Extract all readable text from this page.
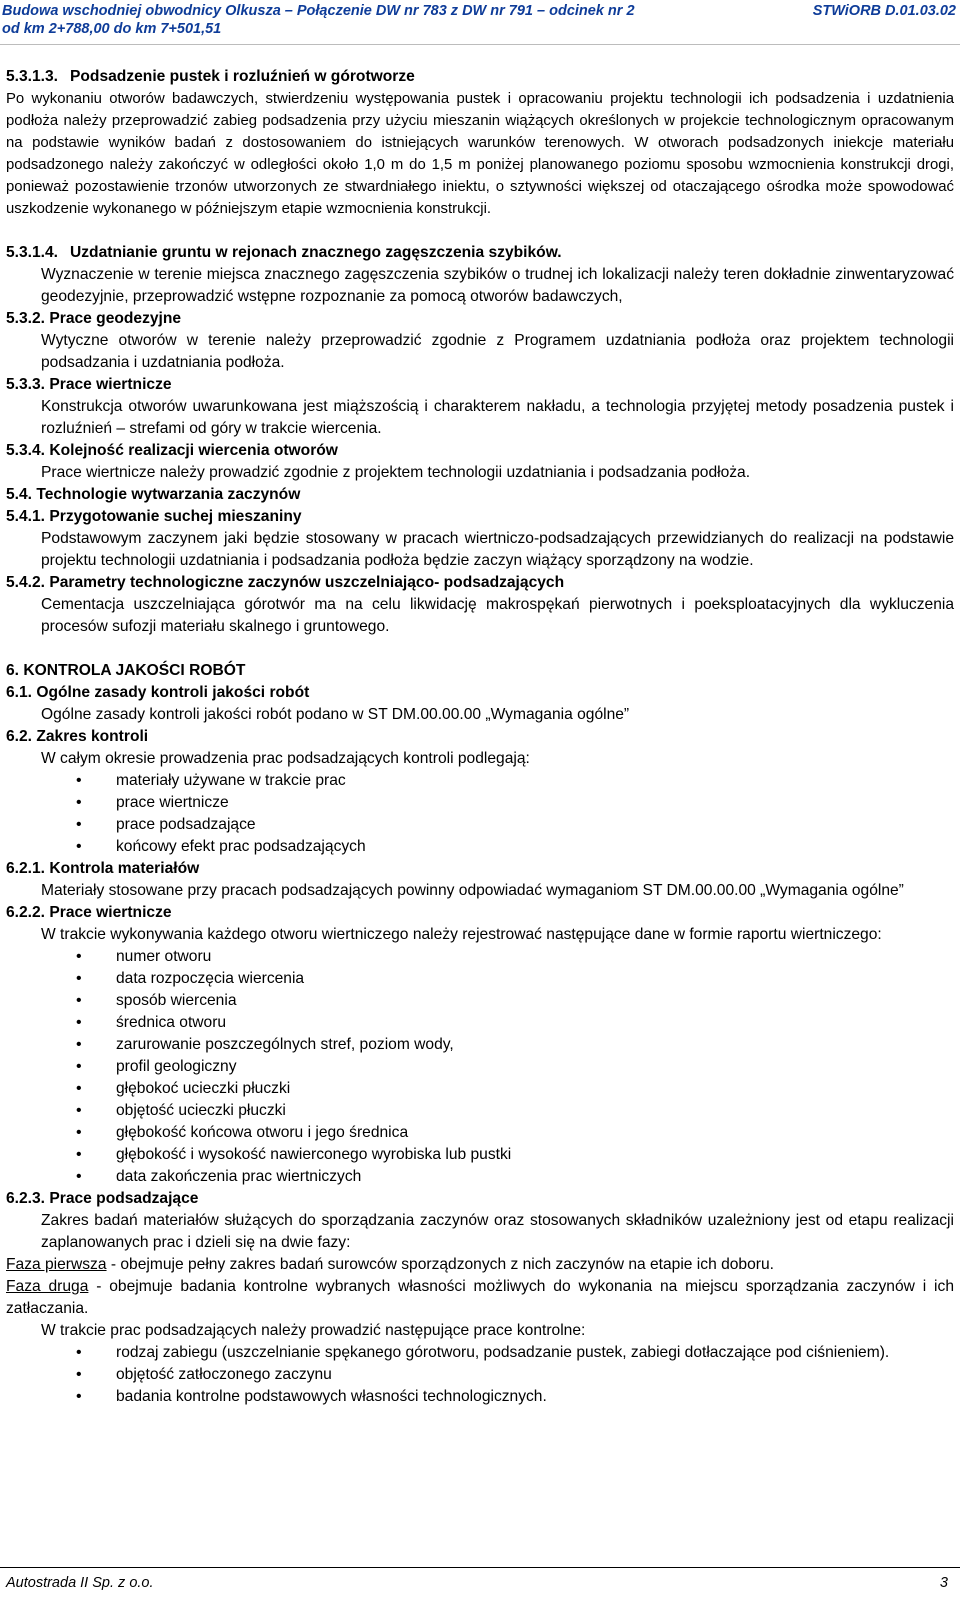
Budowa wschodniej obwodnicy Olkusza – Połączenie DW nr 783 z DW nr 791 – odcinek nr 2
od km 2+788,00 do km 7+501,51
STWiORB D.01.03.02

5.3.1.3. Podsadzenie pustek i rozluźnień w górotworze

Po wykonaniu otworów badawczych, stwierdzeniu występowania pustek i opracowaniu projektu technologii ich podsadzenia i uzdatnienia podłoża należy przeprowadzić zabieg podsadzenia przy użyciu mieszanin wiążących określonych w projekcie technologicznym opracowanym na podstawie wyników badań z dostosowaniem do istniejących warunków terenowych. W otworach podsadzonych iniekcje materiału podsadzonego należy zakończyć w odległości około 1,0 m do 1,5 m poniżej planowanego poziomu sposobu wzmocnienia konstrukcji drogi, ponieważ pozostawienie trzonów utworzonych ze stwardniałego iniektu, o sztywności większej od otaczającego ośrodka może spowodować uszkodzenie wykonanego w późniejszym etapie wzmocnienia konstrukcji.

5.3.1.4. Uzdatnianie gruntu w rejonach znacznego zagęszczenia szybików.

Wyznaczenie w terenie miejsca znacznego zagęszczenia szybików o trudnej ich lokalizacji należy teren dokładnie zinwentaryzować geodezyjnie, przeprowadzić wstępne rozpoznanie za pomocą otworów badawczych,

5.3.2. Prace geodezyjne

Wytyczne otworów w terenie należy przeprowadzić zgodnie z Programem uzdatniania podłoża oraz projektem technologii podsadzania i uzdatniania podłoża.

5.3.3. Prace wiertnicze

Konstrukcja otworów uwarunkowana jest miąższością i charakterem nakładu, a technologia przyjętej metody posadzenia pustek i rozluźnień – strefami od góry w trakcie wiercenia.

5.3.4. Kolejność realizacji wiercenia otworów

Prace wiertnicze należy prowadzić zgodnie z projektem technologii uzdatniania i podsadzania podłoża.

5.4. Technologie wytwarzania zaczynów

5.4.1. Przygotowanie suchej mieszaniny

Podstawowym zaczynem jaki będzie stosowany w pracach wiertniczo-podsadzających przewidzianych do realizacji na podstawie projektu technologii uzdatniania i podsadzania podłoża będzie zaczyn wiążący sporządzony na wodzie.

5.4.2. Parametry technologiczne zaczynów uszczelniająco- podsadzających

Cementacja uszczelniająca górotwór ma na celu likwidację makrospękań pierwotnych i poeksploatacyjnych dla wykluczenia procesów sufozji materiału skalnego i gruntowego.

6. KONTROLA JAKOŚCI ROBÓT

6.1. Ogólne zasady kontroli jakości robót

Ogólne zasady kontroli jakości robót podano w ST DM.00.00.00 „Wymagania ogólne”

6.2. Zakres kontroli

W całym okresie prowadzenia prac podsadzających kontroli podlegają:

• materiały używane w trakcie prac
• prace wiertnicze
• prace podsadzające
• końcowy efekt prac podsadzających

6.2.1. Kontrola materiałów

Materiały stosowane przy pracach podsadzających powinny odpowiadać wymaganiom ST DM.00.00.00 „Wymagania ogólne”

6.2.2. Prace wiertnicze

W trakcie wykonywania każdego otworu wiertniczego należy rejestrować następujące dane w formie raportu wiertniczego:

• numer otworu
• data rozpoczęcia wiercenia
• sposób wiercenia
• średnica otworu
• zarurowanie poszczególnych stref, poziom wody,
• profil geologiczny
• głębokoć ucieczki płuczki
• objętość ucieczki płuczki
• głębokość końcowa otworu i jego średnica
• głębokość i wysokość nawierconego wyrobiska lub pustki
• data zakończenia prac wiertniczych

6.2.3. Prace podsadzające

Zakres badań materiałów służących do sporządzania zaczynów oraz stosowanych składników uzależniony jest od etapu realizacji zaplanowanych prac i dzieli się na dwie fazy:

Faza pierwsza - obejmuje pełny zakres badań surowców sporządzonych z nich zaczynów na etapie ich doboru.

Faza druga - obejmuje badania kontrolne wybranych własności możliwych do wykonania na miejscu sporządzania zaczynów i ich zatłaczania.

W trakcie prac podsadzających należy prowadzić następujące prace kontrolne:

• rodzaj zabiegu (uszczelnianie spękanego górotworu, podsadzanie pustek, zabiegi dotłaczające pod ciśnieniem).
• objętość zatłoczonego zaczynu
• badania kontrolne podstawowych własności technologicznych.
Autostrada II Sp. z o.o.	3
